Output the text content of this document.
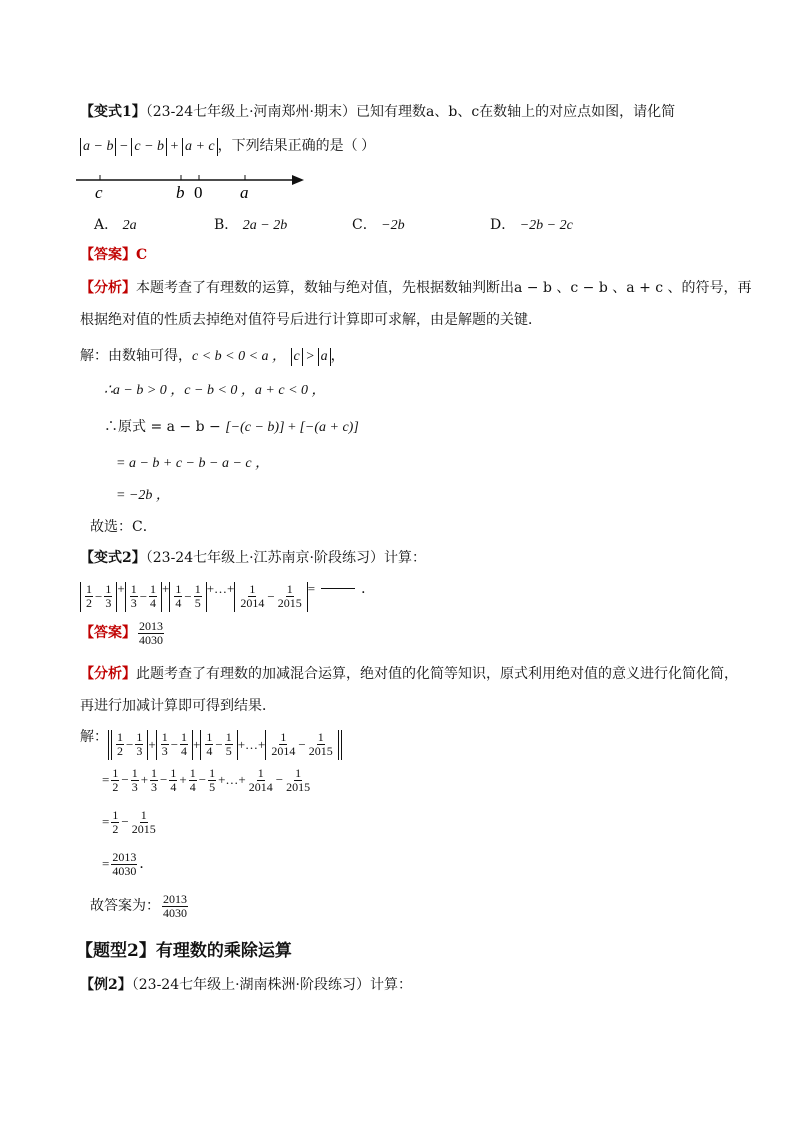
【变式1】（23-24七年级上·河南郑州·期末）已知有理数a、b、c在数轴上的对应点如图，请化简
a − b − c − b + a + c ，下列结果正确的是（ ）
c	b 0 a
A． 2a	B． 2a − 2b	C． −2b	D． −2b − 2c
【答案】C
【分析】本题考查了有理数的运算，数轴与绝对值，先根据数轴判断出a − b 、c − b 、a + c 、的符号，再
根据绝对值的性质去掉绝对值符号后进行计算即可求解，由是解题的关键．
解：由数轴可得，c < b < 0 < a ， c > a ，
∴a − b > 0 ，c − b < 0 ，a + c < 0 ，
∴原式 = a − b − [−(c − b)] + [−(a + c)]
= a − b + c − b − a − c ，
= −2b ，
故选：C．
【变式2】（23-24七年级上·江苏南京·阶段练习）计算：
$\frac{1}{2} - \frac{1}{3} + \frac{1}{3} - \frac{1}{4} + \frac{1}{4} - \frac{1}{5}$ +…+ $\frac{1}{2014} - \frac{1}{2015}$ =	．
【答案】 $\frac{2013}{4030}$
【分析】此题考查了有理数的加减混合运算，绝对值的化简等知识，原式利用绝对值的意义进行化简化简，
再进行加减计算即可得到结果．
解： $\frac{1}{2} - \frac{1}{3} + \frac{1}{3} - \frac{1}{4} + \frac{1}{4} - \frac{1}{5}$ +…+ $\frac{1}{2014} - \frac{1}{2015}$
= $\frac{1}{2} - \frac{1}{3} + \frac{1}{3} - \frac{1}{4} + \frac{1}{4} - \frac{1}{5}$ +…+ $\frac{1}{2014} - \frac{1}{2015}$
= $\frac{1}{2} - \frac{1}{2015}$
= $\frac{2013}{4030}$ ．
故答案为： $\frac{2013}{4030}$
【题型2】有理数的乘除运算
【例2】（23-24七年级上·湖南株洲·阶段练习）计算：
